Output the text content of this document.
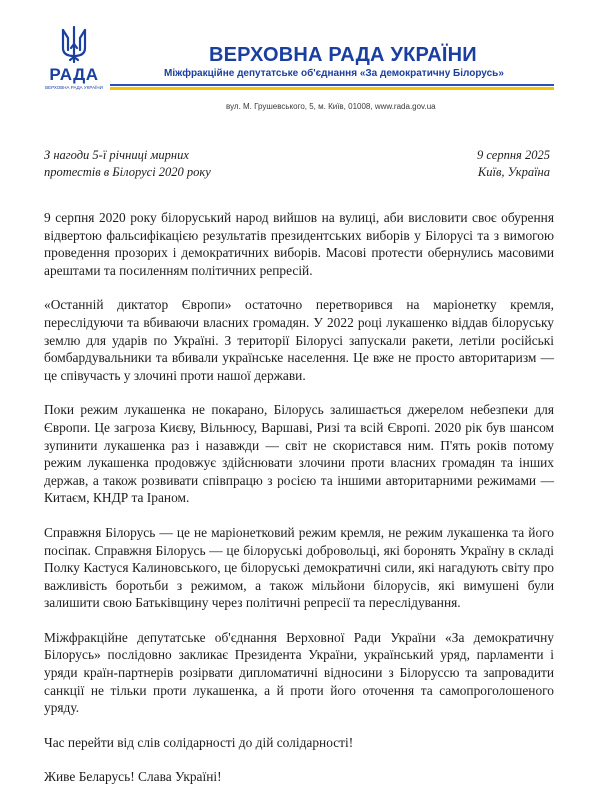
РАДА
ВЕРХОВНА РАДА УКРАЇНИ
ВЕРХОВНА РАДА УКРАЇНИ
Міжфракційне депутатське об'єднання «За демократичну Білорусь»
вул. М. Грушевського, 5, м. Київ, 01008, www.rada.gov.ua
З нагоди 5-ї річниці мирних
протестів в Білорусі 2020 року
9 серпня 2025
Київ, Україна

9 серпня 2020 року білоруський народ вийшов на вулиці, аби висловити своє обурення відвертою фальсифікацією результатів президентських виборів у Білорусі та з вимогою проведення прозорих і демократичних виборів. Масові протести обернулись масовими арештами та посиленням політичних репресій.

«Останній диктатор Європи» остаточно перетворився на маріонетку кремля, переслідуючи та вбиваючи власних громадян. У 2022 році лукашенко віддав білоруську землю для ударів по Україні. З території Білорусі запускали ракети, летіли російські бомбардувальники та вбивали українське населення. Це вже не просто авторитаризм — це співучасть у злочині проти нашої держави.

Поки режим лукашенка не покарано, Білорусь залишається джерелом небезпеки для Європи. Це загроза Києву, Вільнюсу, Варшаві, Ризі та всій Європі. 2020 рік був шансом зупинити лукашенка раз і назавжди — світ не скористався ним. П'ять років потому режим лукашенка продовжує здійснювати злочини проти власних громадян та інших держав, а також розвивати співпрацю з росією та іншими авторитарними режимами — Китаєм, КНДР та Іраном.

Справжня Білорусь — це не маріонетковий режим кремля, не режим лукашенка та його посіпак. Справжня Білорусь — це білоруські добровольці, які боронять Україну в складі Полку Кастуся Калиновського, це білоруські демократичні сили, які нагадують світу про важливість боротьби з режимом, а також мільйони білорусів, які вимушені були залишити свою Батьківщину через політичні репресії та переслідування.

Міжфракційне депутатське об'єднання Верховної Ради України «За демократичну Білорусь» послідовно закликає Президента України, український уряд, парламенти і уряди країн-партнерів розірвати дипломатичні відносини з Білоруссю та запровадити санкції не тільки проти лукашенка, а й проти його оточення та самопроголошеного уряду.

Час перейти від слів солідарності до дій солідарності!

Живе Беларусь! Слава Україні!
